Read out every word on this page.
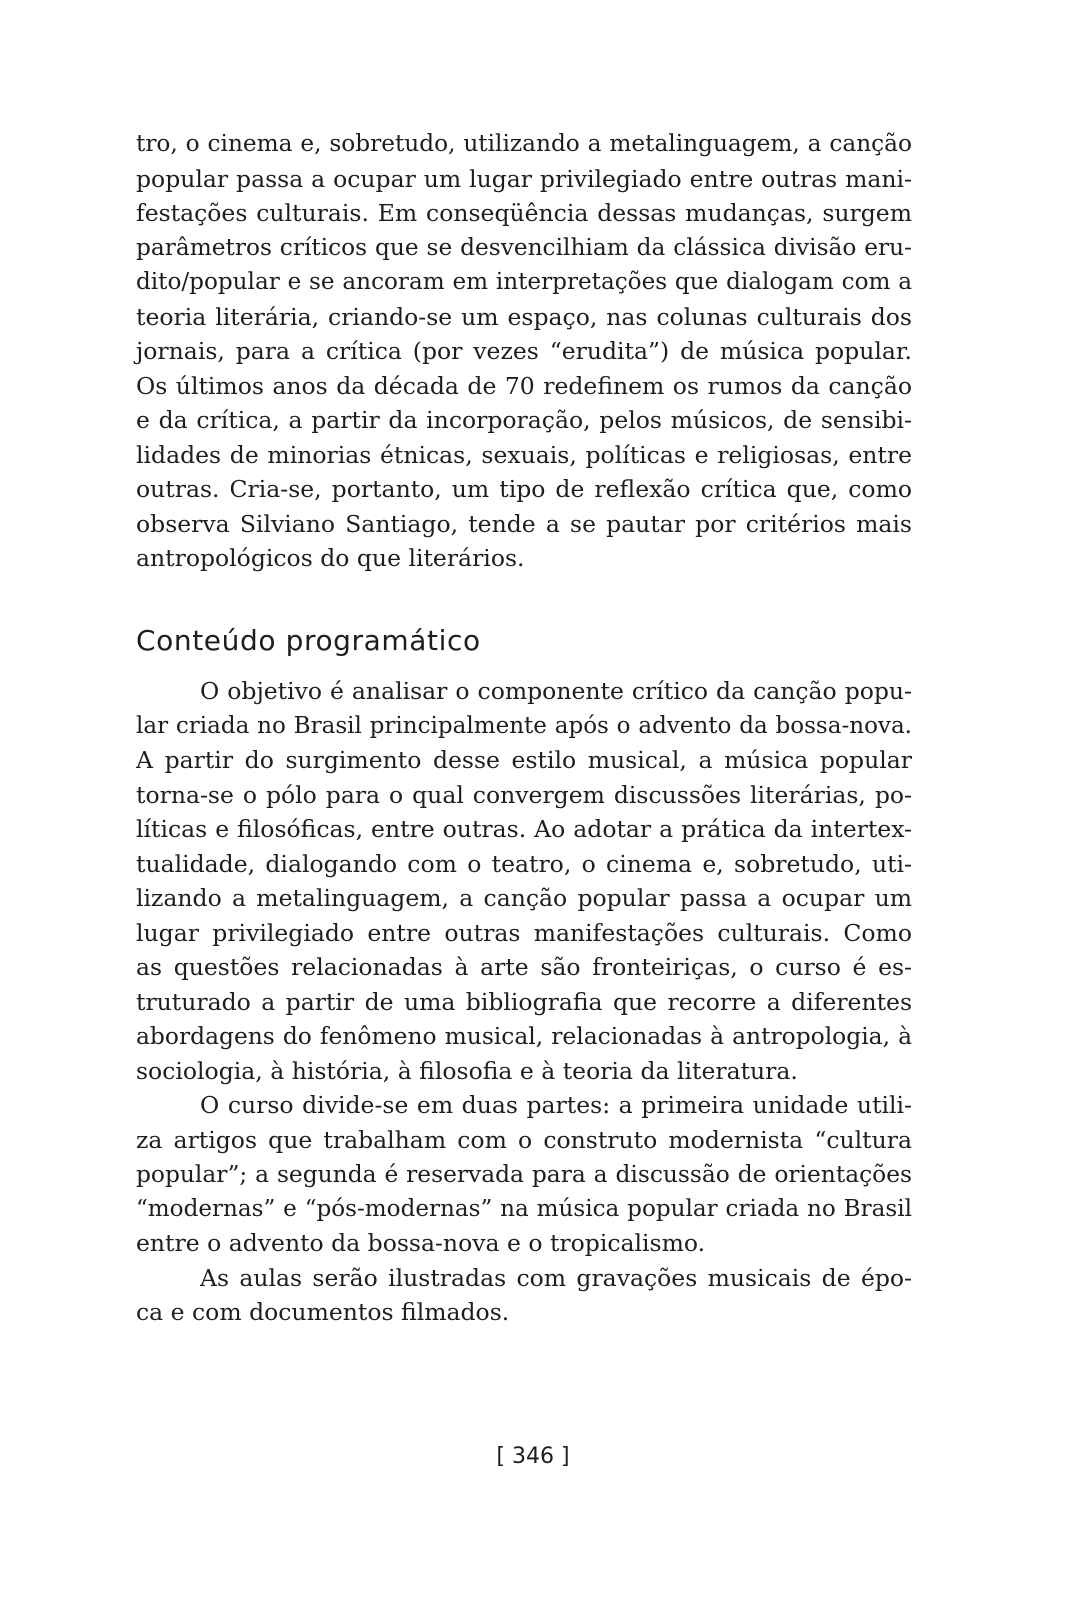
tro, o cinema e, sobretudo, utilizando a metalinguagem, a canção
popular passa a ocupar um lugar privilegiado entre outras mani-
festações culturais. Em conseqüência dessas mudanças, surgem
parâmetros críticos que se desvencilhiam da clássica divisão eru-
dito/popular e se ancoram em interpretações que dialogam com a
teoria literária, criando-se um espaço, nas colunas culturais dos
jornais, para a crítica (por vezes “erudita”) de música popular.
Os últimos anos da década de 70 redefinem os rumos da canção
e da crítica, a partir da incorporação, pelos músicos, de sensibi-
lidades de minorias étnicas, sexuais, políticas e religiosas, entre
outras. Cria-se, portanto, um tipo de reflexão crítica que, como
observa Silviano Santiago, tende a se pautar por critérios mais
antropológicos do que literários.

Conteúdo programático

O objetivo é analisar o componente crítico da canção popu-
lar criada no Brasil principalmente após o advento da bossa-nova.
A partir do surgimento desse estilo musical, a música popular
torna-se o pólo para o qual convergem discussões literárias, po-
líticas e filosóficas, entre outras. Ao adotar a prática da intertex-
tualidade, dialogando com o teatro, o cinema e, sobretudo, uti-
lizando a metalinguagem, a canção popular passa a ocupar um
lugar privilegiado entre outras manifestações culturais. Como
as questões relacionadas à arte são fronteiriças, o curso é es-
truturado a partir de uma bibliografia que recorre a diferentes
abordagens do fenômeno musical, relacionadas à antropologia, à
sociologia, à história, à filosofia e à teoria da literatura.

O curso divide-se em duas partes: a primeira unidade utili-
za artigos que trabalham com o construto modernista “cultura
popular”; a segunda é reservada para a discussão de orientações
“modernas” e “pós-modernas” na música popular criada no Brasil
entre o advento da bossa-nova e o tropicalismo.

As aulas serão ilustradas com gravações musicais de épo-
ca e com documentos filmados.

[ 346 ]
